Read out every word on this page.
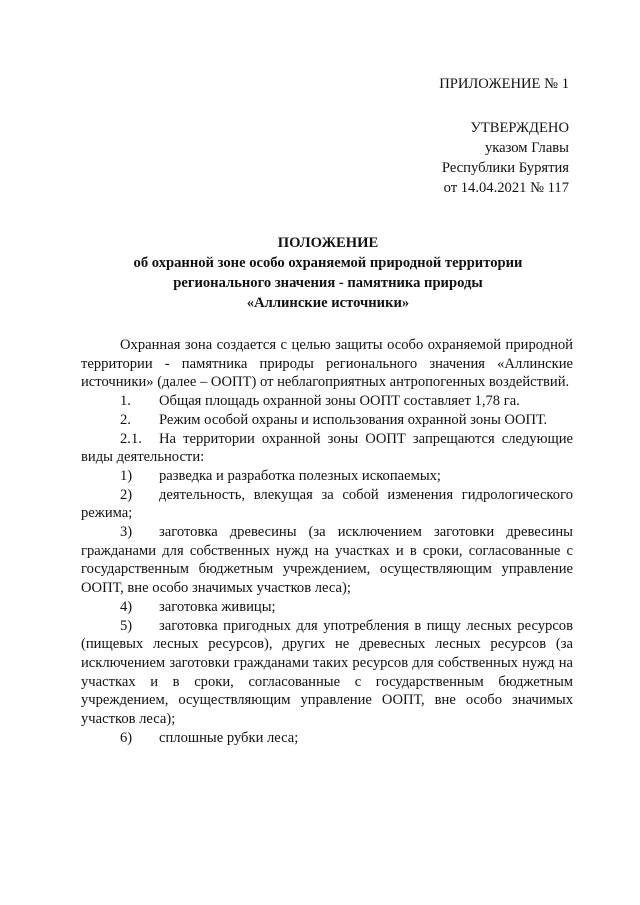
ПРИЛОЖЕНИЕ № 1
УТВЕРЖДЕНО
указом Главы
Республики Бурятия
от 14.04.2021 № 117
ПОЛОЖЕНИЕ
об охранной зоне особо охраняемой природной территории
регионального значения - памятника природы
«Аллинские источники»

Охранная зона создается с целью защиты особо охраняемой природной территории - памятника природы регионального значения «Аллинские источники» (далее – ООПТ) от неблагоприятных антропогенных воздействий.

1. Общая площадь охранной зоны ООПТ составляет 1,78 га.

2. Режим особой охраны и использования охранной зоны ООПТ.

2.1. На территории охранной зоны ООПТ запрещаются следующие виды деятельности:

1) разведка и разработка полезных ископаемых;

2) деятельность, влекущая за собой изменения гидрологического режима;

3) заготовка древесины (за исключением заготовки древесины гражданами для собственных нужд на участках и в сроки, согласованные с государственным бюджетным учреждением, осуществляющим управление ООПТ, вне особо значимых участков леса);

4) заготовка живицы;

5) заготовка пригодных для употребления в пищу лесных ресурсов (пищевых лесных ресурсов), других не древесных лесных ресурсов (за исключением заготовки гражданами таких ресурсов для собственных нужд на участках и в сроки, согласованные с государственным бюджетным учреждением, осуществляющим управление ООПТ, вне особо значимых участков леса);

6) сплошные рубки леса;
